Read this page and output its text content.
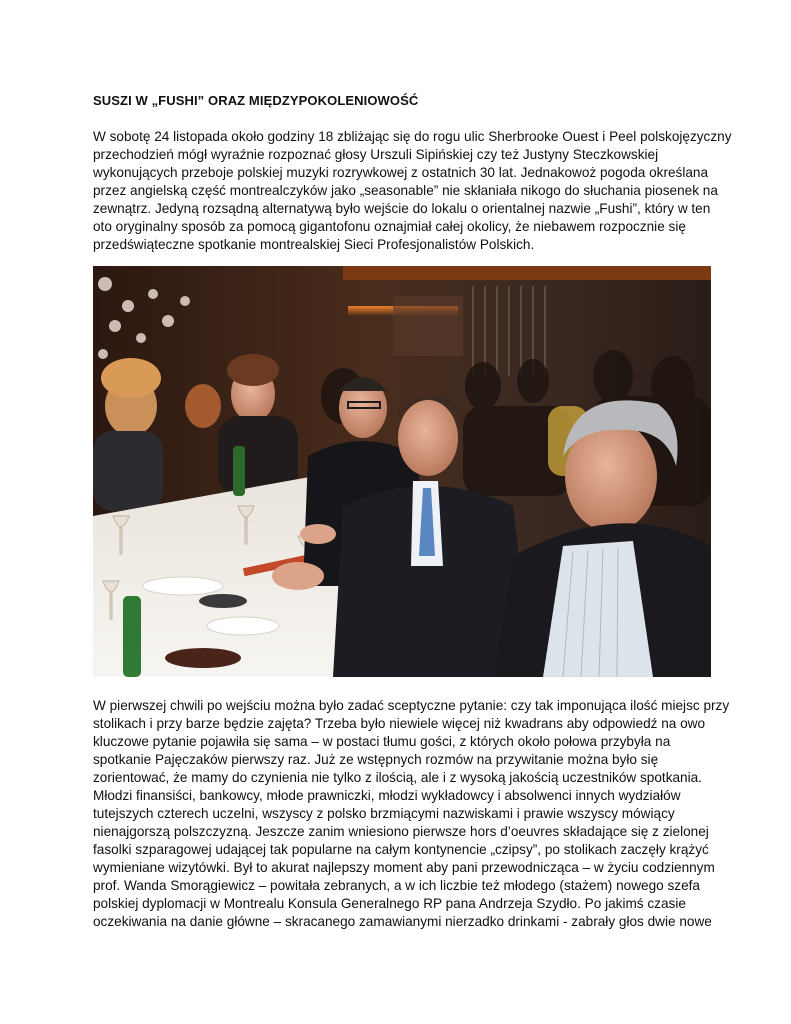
SUSZI W „FUSHI” ORAZ MIĘDZYPOKOLENIOWOŚĆ
W sobotę 24 listopada około godziny 18 zbliżając się do rogu ulic Sherbrooke Ouest i Peel polskojęzyczny
przechodzień mógł wyraźnie rozpoznać głosy Urszuli Sipińskiej czy też Justyny Steczkowskiej
wykonujących przeboje polskiej muzyki rozrywkowej z ostatnich 30 lat. Jednakowoż pogoda określana
przez angielską część montrealczyków jako „seasonable” nie skłaniała nikogo do słuchania piosenek na
zewnątrz. Jedyną rozsądną alternatywą było wejście do lokalu o orientalnej nazwie „Fushi”, który w ten
oto oryginalny sposób za pomocą gigantofonu oznajmiał całej okolicy, że niebawem rozpocznie się
przedświąteczne spotkanie montrealskiej Sieci Profesjonalistów Polskich.
W pierwszej chwili po wejściu można było zadać sceptyczne pytanie: czy tak imponująca ilość miejsc przy
stolikach i przy barze będzie zajęta? Trzeba było niewiele więcej niż kwadrans aby odpowiedź na owo
kluczowe pytanie pojawiła się sama – w postaci tłumu gości, z których około połowa przybyła na
spotkanie Pajęczaków pierwszy raz. Już ze wstępnych rozmów na przywitanie można było się
zorientować, że mamy do czynienia nie tylko z ilością, ale i z wysoką jakością uczestników spotkania.
Młodzi finansiści, bankowcy, młode prawniczki, młodzi wykładowcy i absolwenci innych wydziałów
tutejszych czterech uczelni, wszyscy z polsko brzmiącymi nazwiskami i prawie wszyscy mówiący
nienajgorszą polszczyzną. Jeszcze zanim wniesiono pierwsze hors d’oeuvres składające się z zielonej
fasolki szparagowej udającej tak popularne na całym kontynencie „czipsy”, po stolikach zaczęły krążyć
wymieniane wizytówki. Był to akurat najlepszy moment aby pani przewodnicząca – w życiu codziennym
prof. Wanda Smorągiewicz – powitała zebranych, a w ich liczbie też młodego (stażem) nowego szefa
polskiej dyplomacji w Montrealu Konsula Generalnego RP pana Andrzeja Szydło. Po jakimś czasie
oczekiwania na danie główne – skracanego zamawianymi nierzadko drinkami - zabrały głos dwie nowe
